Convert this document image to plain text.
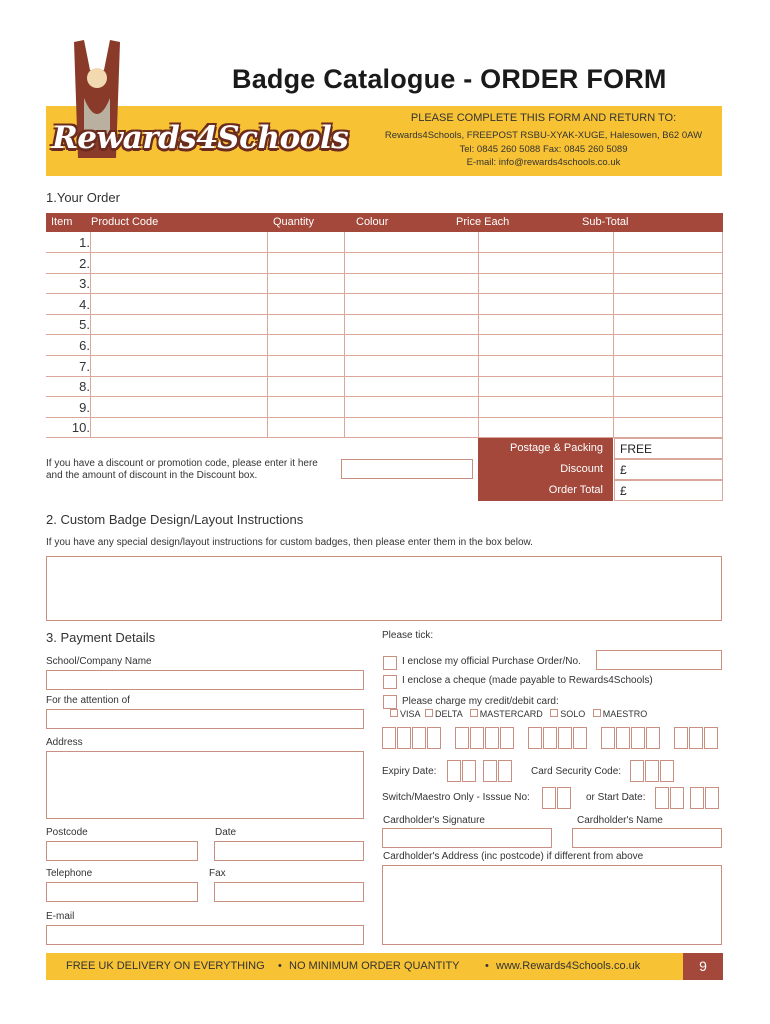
Rewards4Schools
Badge Catalogue - ORDER FORM
PLEASE COMPLETE THIS FORM AND RETURN TO:
Rewards4Schools, FREEPOST RSBU-XYAK-XUGE, Halesowen, B62 0AW
Tel: 0845 260 5088 Fax: 0845 260 5089
E-mail: info@rewards4schools.co.uk
1.Your Order
Item Product Code	Quantity	Colour	Price Each	Sub-Total
1.
2.
3.
4.
5.
6.
7.
8.
9.
10.
If you have a discount or promotion code, please enter it here
and the amount of discount in the Discount box.
Postage & Packing	FREE
Discount	£
Order Total	£
2. Custom Badge Design/Layout Instructions
If you have any special design/layout instructions for custom badges, then please enter them in the box below.
3. Payment Details
School/Company Name
For the attention of
Address
Postcode	Date
Telephone	Fax
E-mail
Please tick:
I enclose my official Purchase Order/No.
I enclose a cheque (made payable to Rewards4Schools)
Please charge my credit/debit card:
VISA DELTA MASTERCARD SOLO MAESTRO
Expiry Date:	Card Security Code:
Switch/Maestro Only - Isssue No:	or Start Date:
Cardholder's Signature	Cardholder's Name
Cardholder's Address (inc postcode) if different from above
FREE UK DELIVERY ON EVERYTHING • NO MINIMUM ORDER QUANTITY • www.Rewards4Schools.co.uk	9
